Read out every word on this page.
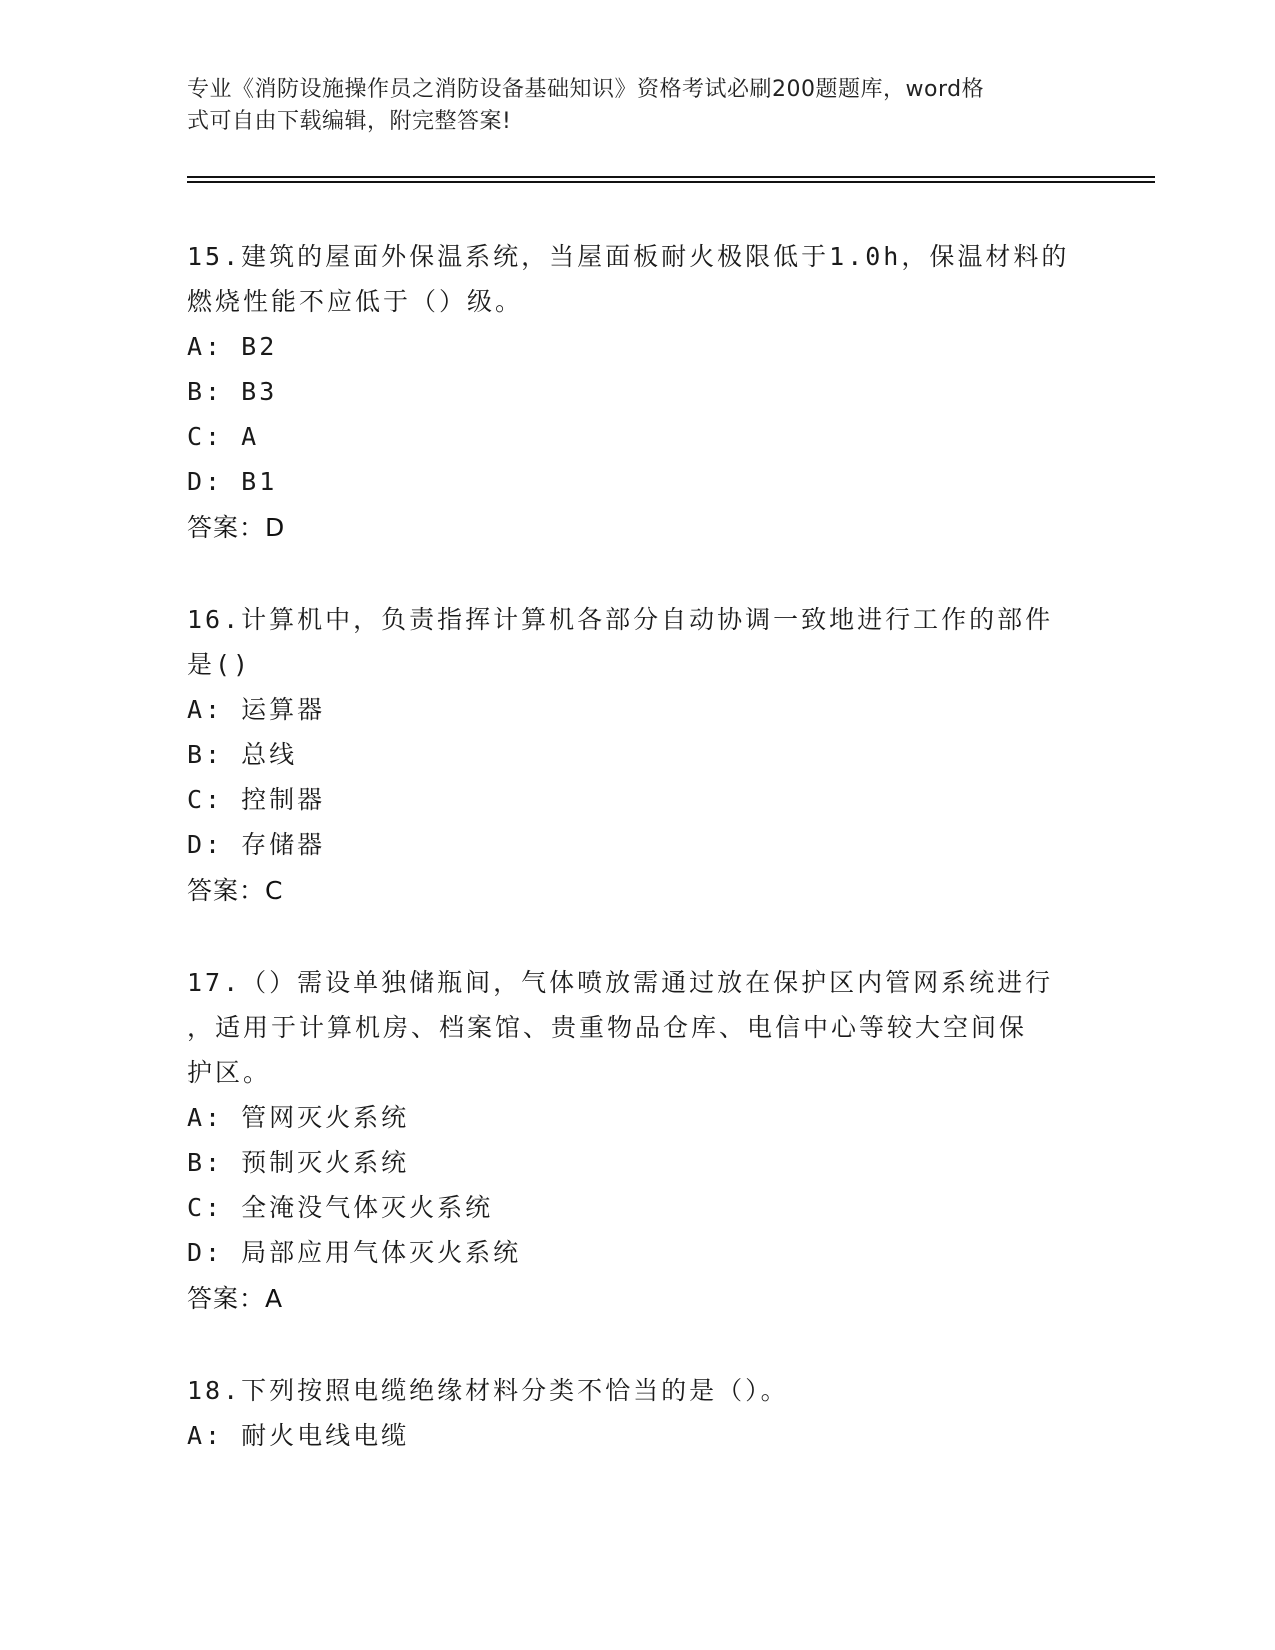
专业《消防设施操作员之消防设备基础知识》资格考试必刷200题题库，word格
式可自由下载编辑，附完整答案!
15.建筑的屋面外保温系统，当屋面板耐火极限低于1.0h，保温材料的
燃烧性能不应低于（）级。
A: B2
B: B3
C: A
D: B1
答案：D
16.计算机中，负责指挥计算机各部分自动协调一致地进行工作的部件
是()
A: 运算器
B: 总线
C: 控制器
D: 存储器
答案：C
17.（）需设单独储瓶间，气体喷放需通过放在保护区内管网系统进行
，适用于计算机房、档案馆、贵重物品仓库、电信中心等较大空间保
护区。
A: 管网灭火系统
B: 预制灭火系统
C: 全淹没气体灭火系统
D: 局部应用气体灭火系统
答案：A
18.下列按照电缆绝缘材料分类不恰当的是（）。
A: 耐火电线电缆
